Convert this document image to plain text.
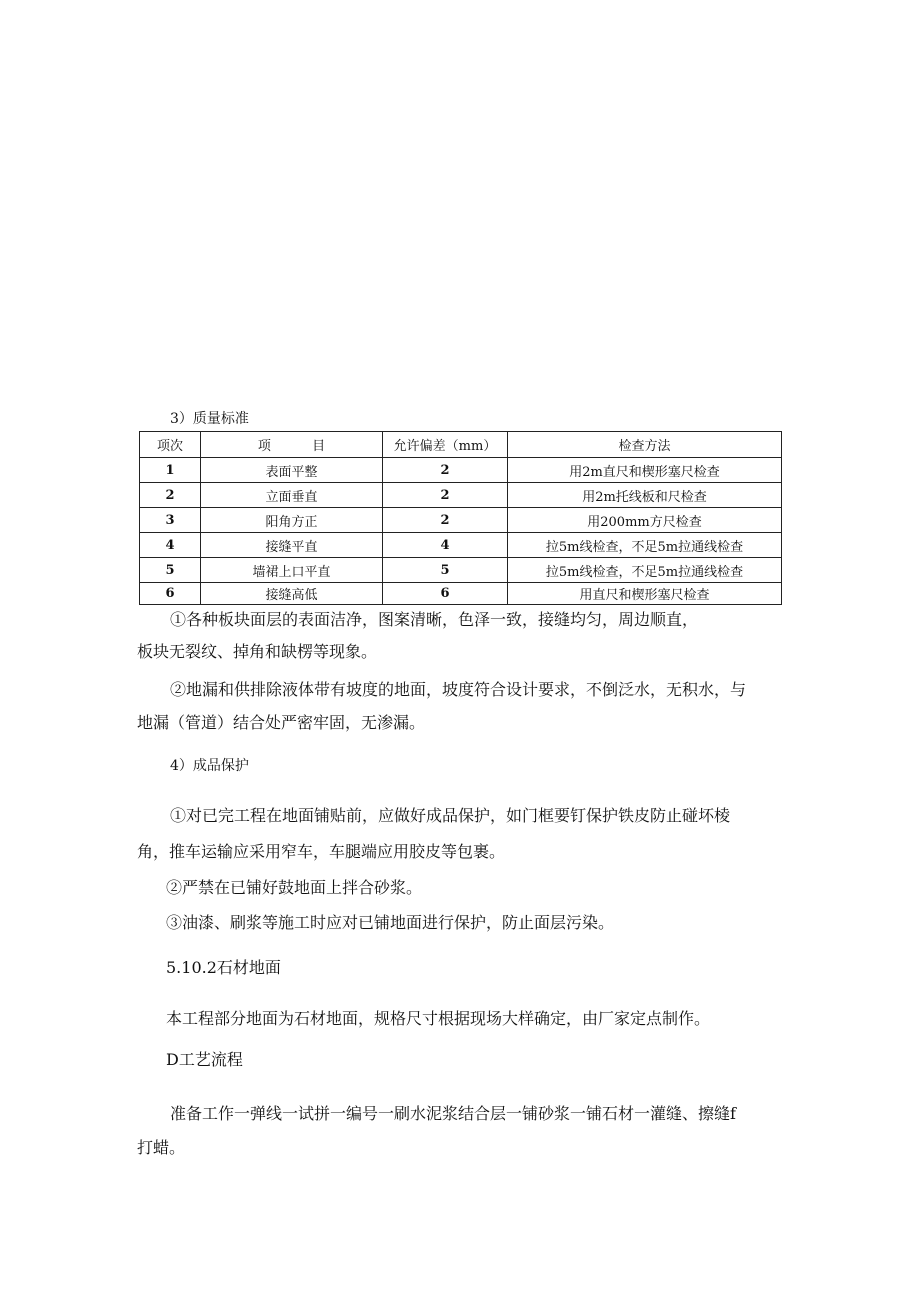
3）质量标准
项次	项          目	允许偏差（mm）	检查方法
1	表面平整	2	用2m直尺和楔形塞尺检查
2	立面垂直	2	用2m托线板和尺检查
3	阳角方正	2	用200mm方尺检查
4	接缝平直	4	拉5m线检查，不足5m拉通线检查
5	墙裙上口平直	5	拉5m线检查，不足5m拉通线检查
6	接缝高低	6	用直尺和楔形塞尺检查
①各种板块面层的表面洁净，图案清晰，色泽一致，接缝均匀，周边顺直，
板块无裂纹、掉角和缺楞等现象。
②地漏和供排除液体带有坡度的地面，坡度符合设计要求，不倒泛水，无积水，与
地漏（管道）结合处严密牢固，无渗漏。
4）成品保护
①对已完工程在地面铺贴前，应做好成品保护，如门框要钉保护铁皮防止碰坏棱
角，推车运输应采用窄车，车腿端应用胶皮等包裹。
②严禁在已铺好鼓地面上拌合砂浆。
③油漆、刷浆等施工时应对已铺地面进行保护，防止面层污染。
5.10.2石材地面
本工程部分地面为石材地面，规格尺寸根据现场大样确定，由厂家定点制作。
D工艺流程
准备工作一弹线一试拼一编号一刷水泥浆结合层一铺砂浆一铺石材一灌缝、擦缝f
打蜡。
